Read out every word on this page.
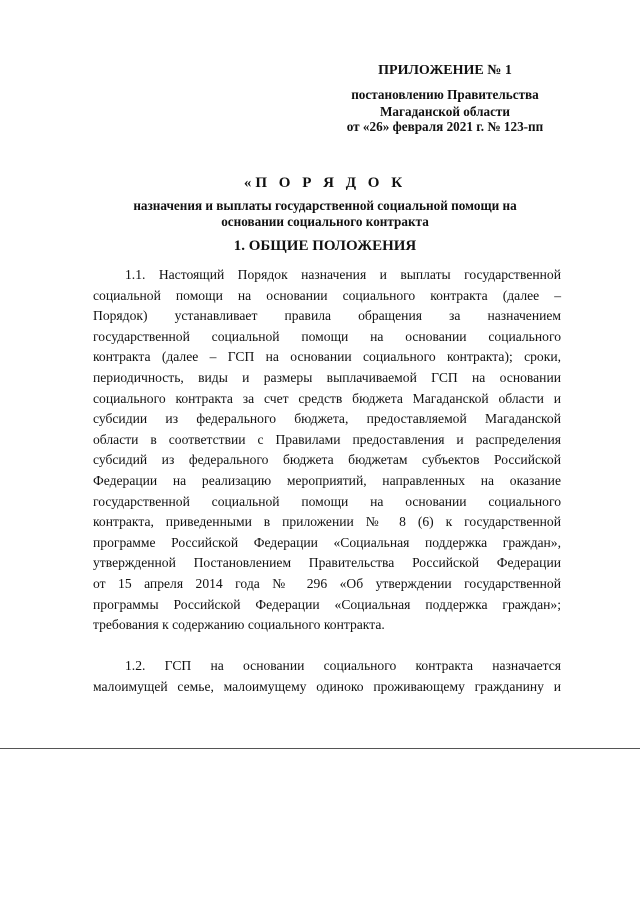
ПРИЛОЖЕНИЕ № 1
постановлению Правительства
Магаданской области
от «26» февраля 2021 г. № 123-пп
«П О Р Я Д О К
назначения и выплаты государственной социальной помощи на
основании социального контракта
1. ОБЩИЕ ПОЛОЖЕНИЯ
1.1. Настоящий Порядок назначения и выплаты государственной
социальной помощи на основании социального контракта (далее –
Порядок) устанавливает правила обращения за назначением
государственной социальной помощи на основании социального
контракта (далее – ГСП на основании социального контракта); сроки,
периодичность, виды и размеры выплачиваемой ГСП на основании
социального контракта за счет средств бюджета Магаданской области и
субсидии из федерального бюджета, предоставляемой Магаданской
области в соответствии с Правилами предоставления и распределения
субсидий из федерального бюджета бюджетам субъектов Российской
Федерации на реализацию мероприятий, направленных на оказание
государственной социальной помощи на основании социального
контракта, приведенными в приложении № 8 (6) к государственной
программе Российской Федерации «Социальная поддержка граждан»,
утвержденной Постановлением Правительства Российской Федерации
от 15 апреля 2014 года № 296 «Об утверждении государственной
программы Российской Федерации «Социальная поддержка граждан»;
требования к содержанию социального контракта.
1.2. ГСП на основании социального контракта назначается
малоимущей семье, малоимущему одиноко проживающему гражданину и
